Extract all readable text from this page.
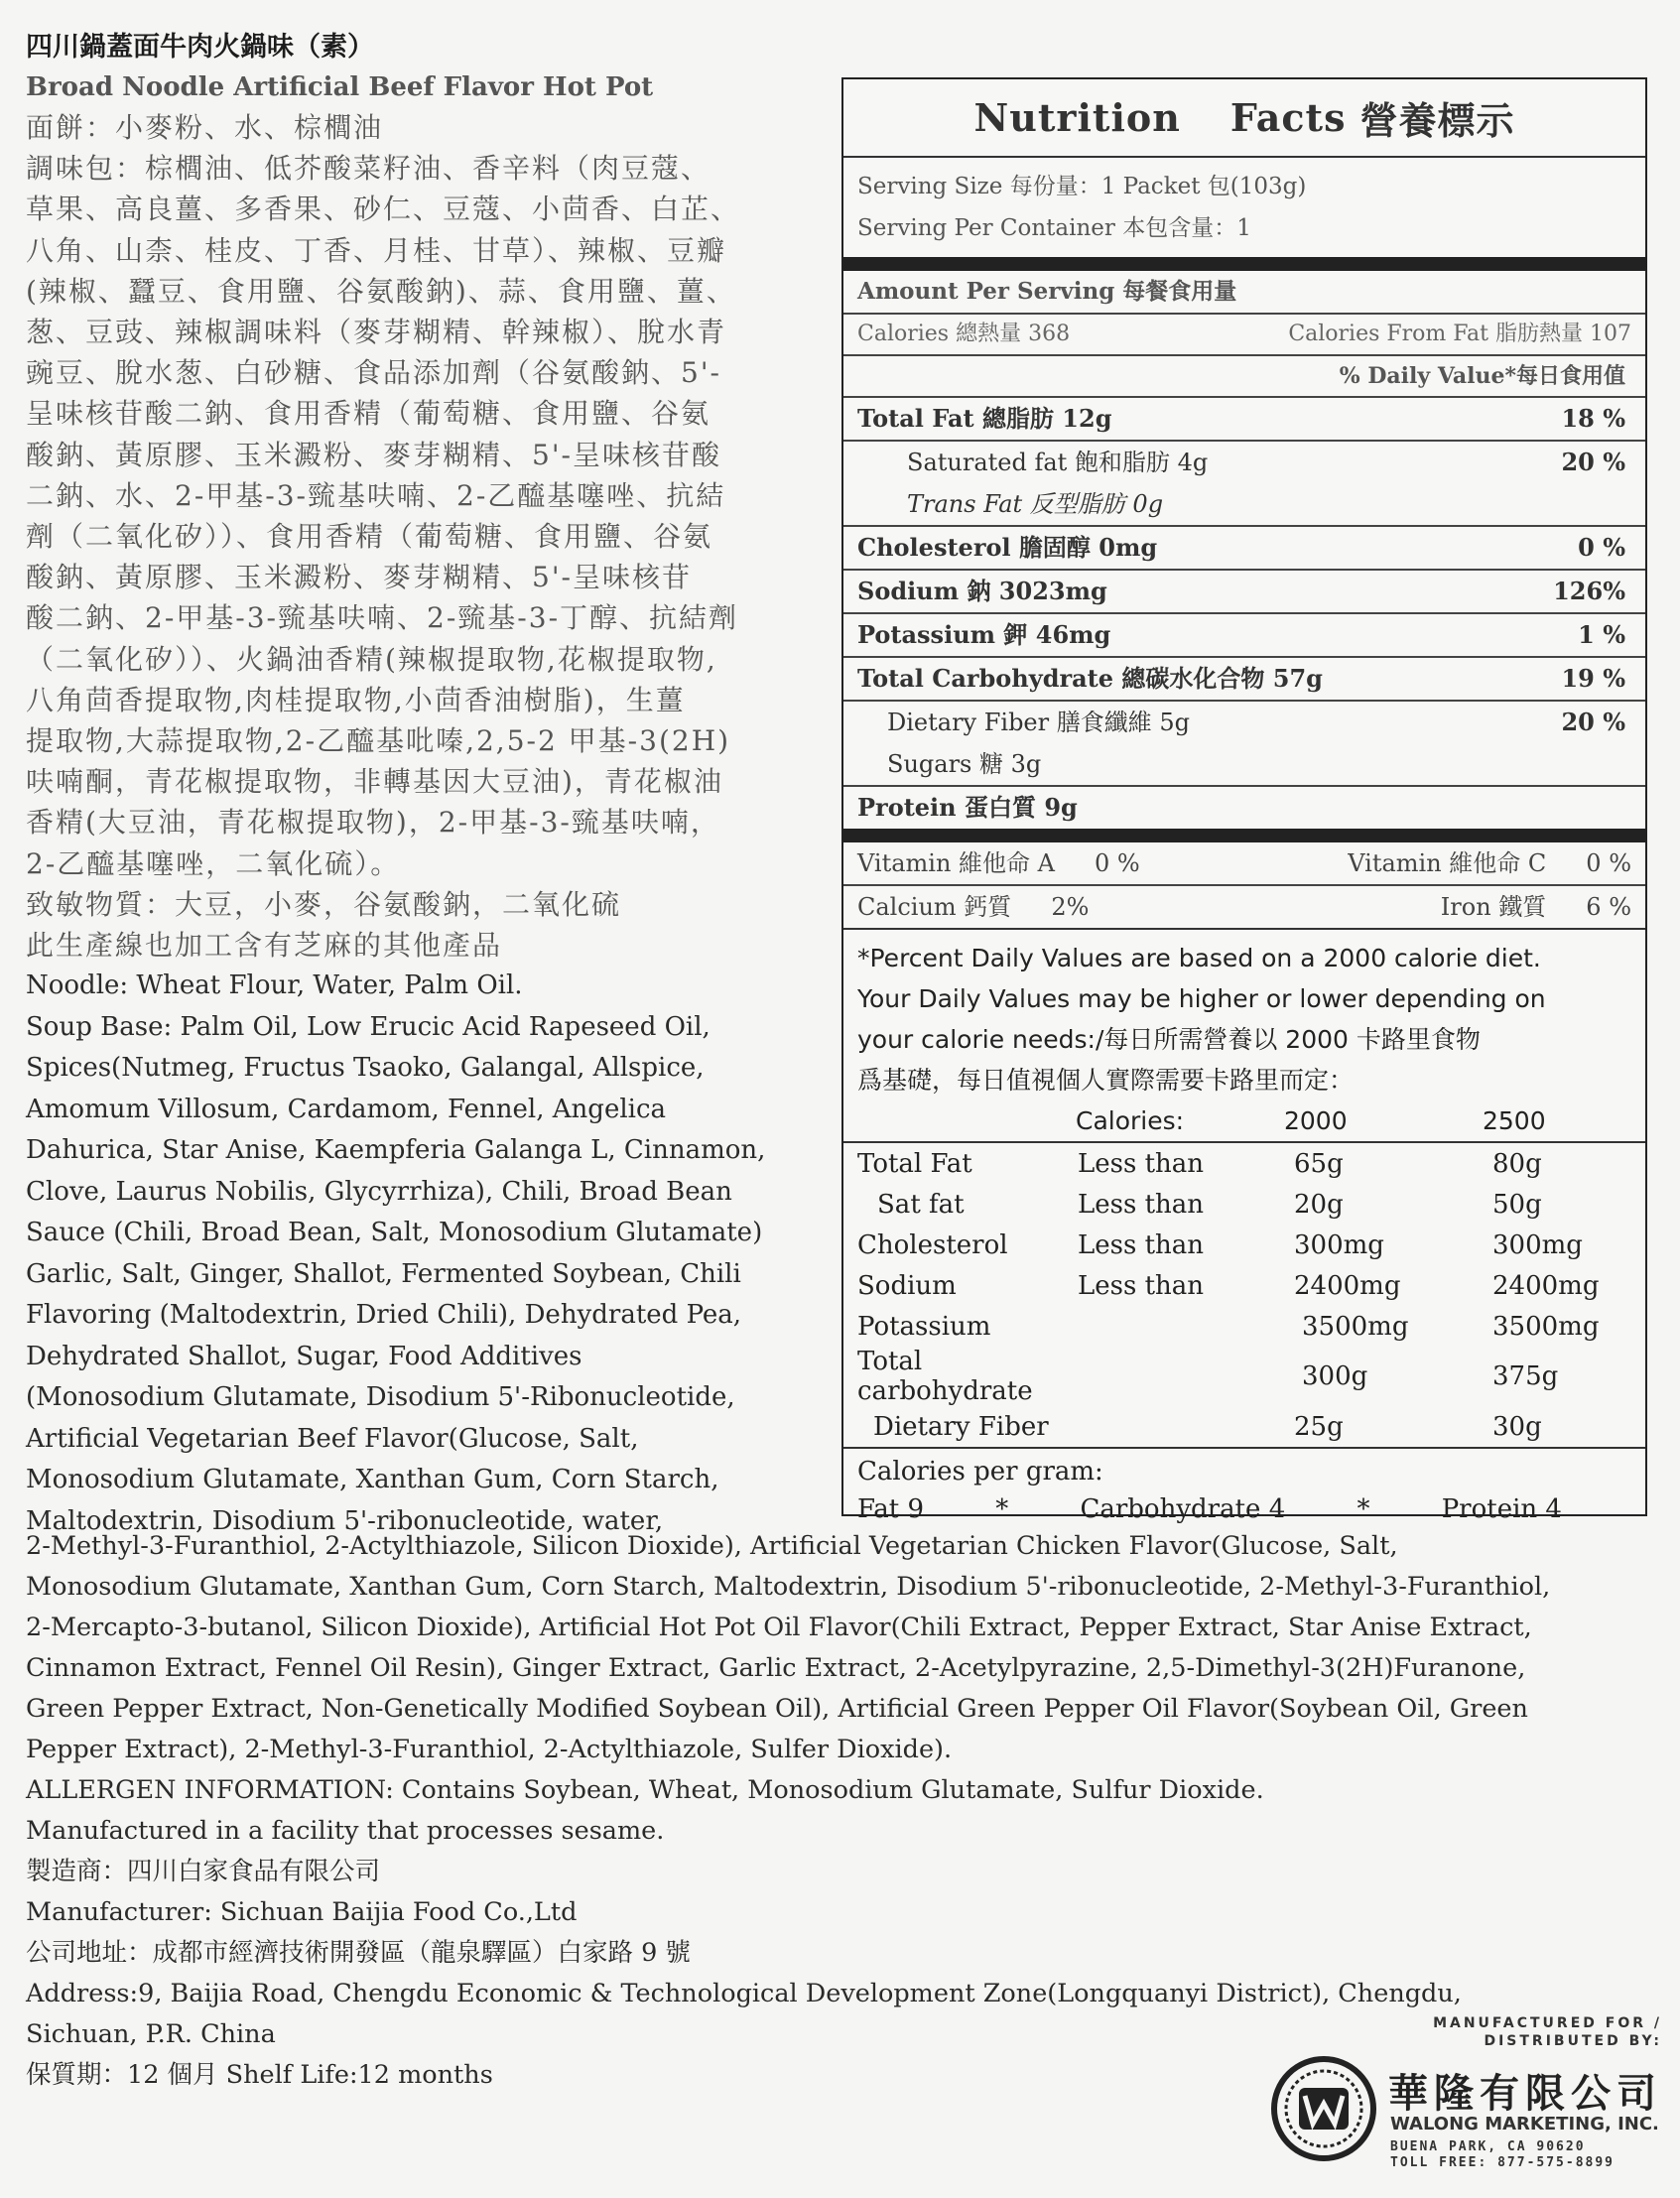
四川鍋蓋面牛肉火鍋味（素）
Broad Noodle Artificial Beef Flavor Hot Pot
面餅：小麥粉、水、棕櫚油
調味包：棕櫚油、低芥酸菜籽油、香辛料（肉豆蔻、
草果、高良薑、多香果、砂仁、豆蔻、小茴香、白芷、
八角、山柰、桂皮、丁香、月桂、甘草）、辣椒、豆瓣
(辣椒、蠶豆、食用鹽、谷氨酸鈉)、蒜、食用鹽、薑、
葱、豆豉、辣椒調味料（麥芽糊精、幹辣椒）、脫水青
豌豆、脫水葱、白砂糖、食品添加劑（谷氨酸鈉、5'-
呈味核苷酸二鈉、食用香精（葡萄糖、食用鹽、谷氨
酸鈉、黃原膠、玉米澱粉、麥芽糊精、5'-呈味核苷酸
二鈉、水、2-甲基-3-巰基呋喃、2-乙醯基噻唑、抗結
劑（二氧化矽））、食用香精（葡萄糖、食用鹽、谷氨
酸鈉、黃原膠、玉米澱粉、麥芽糊精、5'-呈味核苷
酸二鈉、2-甲基-3-巰基呋喃、2-巰基-3-丁醇、抗結劑
（二氧化矽））、火鍋油香精(辣椒提取物,花椒提取物,
八角茴香提取物,肉桂提取物,小茴香油樹脂)，生薑
提取物,大蒜提取物,2-乙醯基吡嗪,2,5-2 甲基-3(2H)
呋喃酮，青花椒提取物，非轉基因大豆油)，青花椒油
香精(大豆油，青花椒提取物)，2-甲基-3-巰基呋喃，
2-乙醯基噻唑，二氧化硫）。
致敏物質：大豆，小麥，谷氨酸鈉，二氧化硫
此生產線也加工含有芝麻的其他產品
Noodle: Wheat Flour, Water, Palm Oil.
Soup Base: Palm Oil, Low Erucic Acid Rapeseed Oil,
Spices(Nutmeg, Fructus Tsaoko, Galangal, Allspice,
Amomum Villosum, Cardamom, Fennel, Angelica
Dahurica, Star Anise, Kaempferia Galanga L, Cinnamon,
Clove, Laurus Nobilis, Glycyrrhiza), Chili, Broad Bean
Sauce (Chili, Broad Bean, Salt, Monosodium Glutamate)
Garlic, Salt, Ginger, Shallot, Fermented Soybean, Chili
Flavoring (Maltodextrin, Dried Chili), Dehydrated Pea,
Dehydrated Shallot, Sugar, Food Additives
(Monosodium Glutamate, Disodium 5'-Ribonucleotide,
Artificial Vegetarian Beef Flavor(Glucose, Salt,
Monosodium Glutamate, Xanthan Gum, Corn Starch,
Maltodextrin, Disodium 5'-ribonucleotide, water,
2-Methyl-3-Furanthiol, 2-Actylthiazole, Silicon Dioxide), Artificial Vegetarian Chicken Flavor(Glucose, Salt,
Monosodium Glutamate, Xanthan Gum, Corn Starch, Maltodextrin, Disodium 5'-ribonucleotide, 2-Methyl-3-Furanthiol,
2-Mercapto-3-butanol, Silicon Dioxide), Artificial Hot Pot Oil Flavor(Chili Extract, Pepper Extract, Star Anise Extract,
Cinnamon Extract, Fennel Oil Resin), Ginger Extract, Garlic Extract, 2-Acetylpyrazine, 2,5-Dimethyl-3(2H)Furanone,
Green Pepper Extract, Non-Genetically Modified Soybean Oil), Artificial Green Pepper Oil Flavor(Soybean Oil, Green
Pepper Extract), 2-Methyl-3-Furanthiol, 2-Actylthiazole, Sulfer Dioxide).
ALLERGEN INFORMATION: Contains Soybean, Wheat, Monosodium Glutamate, Sulfur Dioxide.
Manufactured in a facility that processes sesame.
製造商：四川白家食品有限公司
Manufacturer: Sichuan Baijia Food Co.,Ltd
公司地址：成都市經濟技術開發區（龍泉驛區）白家路 9 號
Address:9, Baijia Road, Chengdu Economic & Technological Development Zone(Longquanyi District), Chengdu,
Sichuan, P.R. China
保質期：12 個月 Shelf Life:12 months
Nutrition Facts 營養標示
Serving Size 每份量：1 Packet 包(103g)
Serving Per Container 本包含量：1
Amount Per Serving 每餐食用量
Calories 總熱量 368	Calories From Fat 脂肪熱量 107
% Daily Value*每日食用值
Total Fat 總脂肪 12g	18 %
Saturated fat 飽和脂肪 4g	20 %
Trans Fat 反型脂肪 0g
Cholesterol 膽固醇 0mg	0 %
Sodium 鈉 3023mg	126%
Potassium 鉀 46mg	1 %
Total Carbohydrate 總碳水化合物 57g	19 %
Dietary Fiber 膳食纖維 5g	20 %
Sugars 糖 3g
Protein 蛋白質 9g
Vitamin 維他命 A 0 %	Vitamin 維他命 C 0 %
Calcium 鈣質 2%	Iron 鐵質 6 %
*Percent Daily Values are based on a 2000 calorie diet.
Your Daily Values may be higher or lower depending on
your calorie needs:/每日所需營養以 2000 卡路里食物
爲基礎，每日值視個人實際需要卡路里而定：
Calories:	2000	2500
Total Fat	Less than	65g	80g
Sat fat	Less than	20g	50g
Cholesterol	Less than	300mg	300mg
Sodium	Less than	2400mg	2400mg
Potassium		3500mg	3500mg
Total carbohydrate		300g	375g
Dietary Fiber		25g	30g
Calories per gram:
Fat 9	*	Carbohydrate 4	*	Protein 4
MANUFACTURED FOR /
DISTRIBUTED BY:
華隆有限公司
WALONG MARKETING, INC.
BUENA PARK, CA 90620
TOLL FREE: 877-575-8899
